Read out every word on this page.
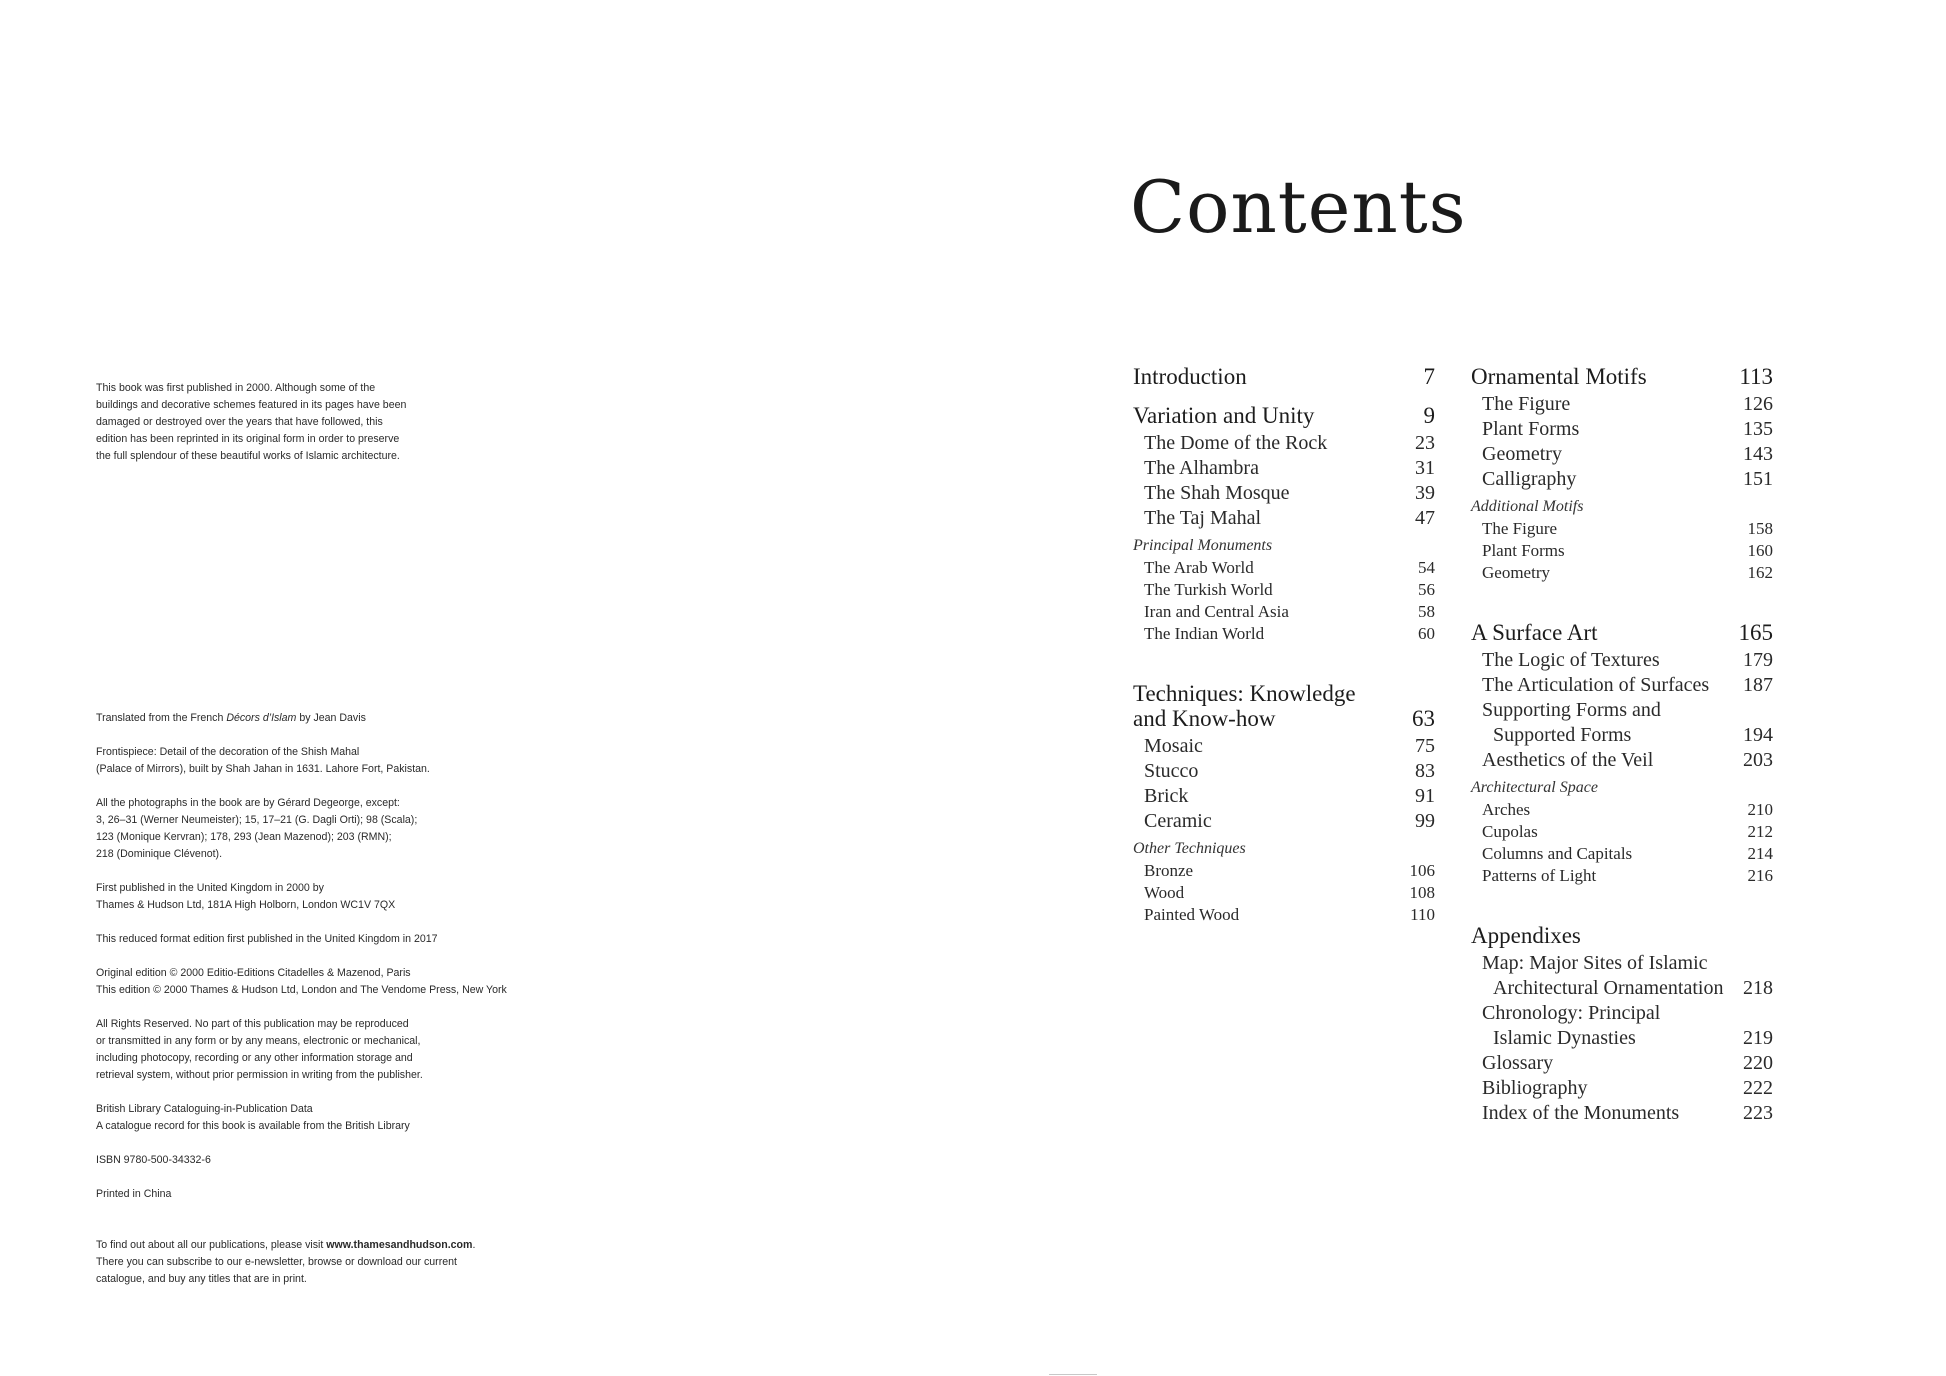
This book was first published in 2000. Although some of the

buildings and decorative schemes featured in its pages have been

damaged or destroyed over the years that have followed, this

edition has been reprinted in its original form in order to preserve

the full splendour of these beautiful works of Islamic architecture.

Translated from the French Décors d’Islam by Jean Davis

Frontispiece: Detail of the decoration of the Shish Mahal

(Palace of Mirrors), built by Shah Jahan in 1631. Lahore Fort, Pakistan.

All the photographs in the book are by Gérard Degeorge, except:

3, 26–31 (Werner Neumeister); 15, 17–21 (G. Dagli Orti); 98 (Scala);

123 (Monique Kervran); 178, 293 (Jean Mazenod); 203 (RMN);

218 (Dominique Clévenot).

First published in the United Kingdom in 2000 by

Thames & Hudson Ltd, 181A High Holborn, London WC1V 7QX

This reduced format edition first published in the United Kingdom in 2017

Original edition © 2000 Editio-Editions Citadelles & Mazenod, Paris

This edition © 2000 Thames & Hudson Ltd, London and The Vendome Press, New York

All Rights Reserved. No part of this publication may be reproduced

or transmitted in any form or by any means, electronic or mechanical,

including photocopy, recording or any other information storage and

retrieval system, without prior permission in writing from the publisher.

British Library Cataloguing-in-Publication Data

A catalogue record for this book is available from the British Library

ISBN 9780-500-34332-6

Printed in China

To find out about all our publications, please visit www.thamesandhudson.com.

There you can subscribe to our e-newsletter, browse or download our current

catalogue, and buy any titles that are in print.

Contents
Introduction	7
Variation and Unity	9
The Dome of the Rock	23
The Alhambra	31
The Shah Mosque	39
The Taj Mahal	47
Principal Monuments
The Arab World	54
The Turkish World	56
Iran and Central Asia	58
The Indian World	60
Techniques: Knowledge and Know-how	63
Mosaic	75
Stucco	83
Brick	91
Ceramic	99
Other Techniques
Bronze	106
Wood	108
Painted Wood	110
Ornamental Motifs	113
The Figure	126
Plant Forms	135
Geometry	143
Calligraphy	151
Additional Motifs
The Figure	158
Plant Forms	160
Geometry	162
A Surface Art	165
The Logic of Textures	179
The Articulation of Surfaces 187
Supporting Forms and
Supported Forms	194
Aesthetics of the Veil	203
Architectural Space
Arches	210
Cupolas	212
Columns and Capitals	214
Patterns of Light	216
Appendixes
Map: Major Sites of Islamic
Architectural Ornamentation 218
Chronology: Principal
Islamic Dynasties	219
Glossary	220
Bibliography	222
Index of the Monuments	223
